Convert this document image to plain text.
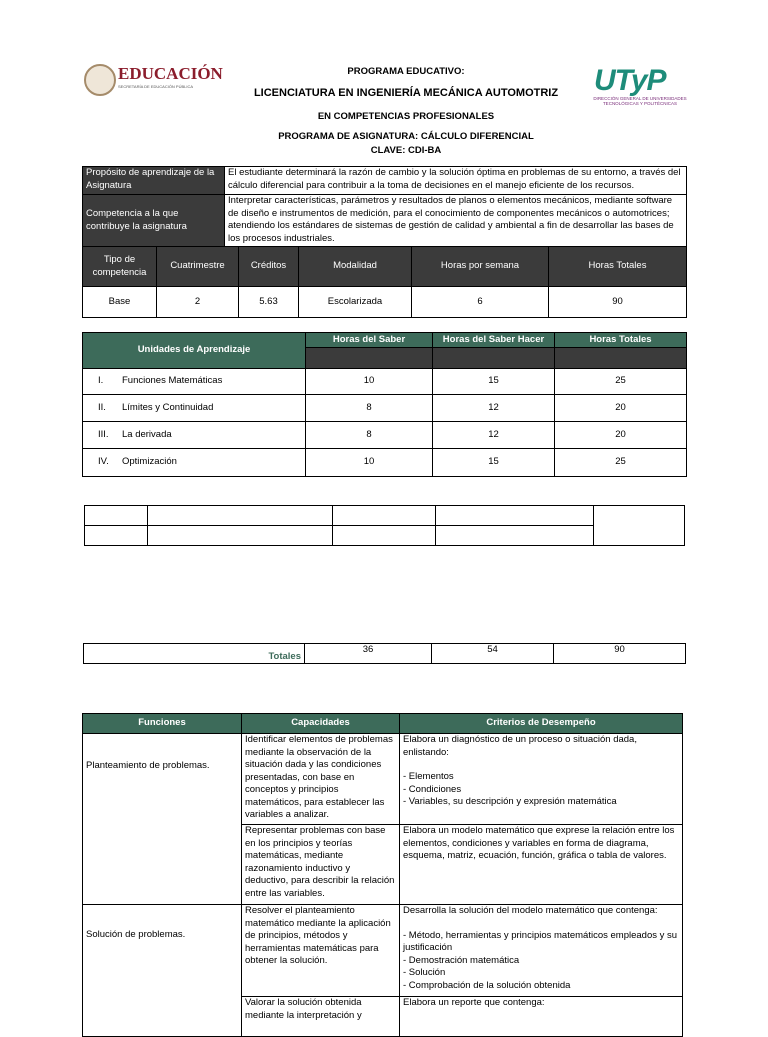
EDUCACIÓN
SECRETARÍA DE EDUCACIÓN PÚBLICA	UTyP
DIRECCIÓN GENERAL DE UNIVERSIDADES TECNOLÓGICAS Y POLITÉCNICAS
PROGRAMA EDUCATIVO:
LICENCIATURA EN INGENIERÍA MECÁNICA AUTOMOTRIZ
EN COMPETENCIAS PROFESIONALES
PROGRAMA DE ASIGNATURA: CÁLCULO DIFERENCIAL
CLAVE: CDI-BA
Propósito de aprendizaje de la Asignatura	El estudiante determinará la razón de cambio y la solución óptima en problemas de su entorno, a través del cálculo diferencial para contribuir a la toma de decisiones en el manejo eficiente de los recursos.
Competencia a la que contribuye la asignatura	Interpretar características, parámetros y resultados de planos o elementos mecánicos, mediante software de diseño e instrumentos de medición, para el conocimiento de componentes mecánicos o automotrices; atendiendo los estándares de sistemas de gestión de calidad y ambiental a fin de desarrollar las bases de los procesos industriales.
Tipo de competencia	Cuatrimestre	Créditos	Modalidad	Horas por semana	Horas Totales
Base	2	5.63	Escolarizada	6	90
Unidades de Aprendizaje	Horas del Saber	Horas del Saber Hacer	Horas Totales

I. Funciones Matemáticas	10	15	25
II. Límites y Continuidad	8	12	20
III. La derivada	8	12	20
IV. Optimización	10	15	25

Totales	36	54	90
Funciones	Capacidades	Criterios de Desempeño
Planteamiento de problemas.	Identificar elementos de problemas mediante la observación de la situación dada y las condiciones presentadas, con base en conceptos y principios matemáticos, para establecer las variables a analizar.	Elabora un diagnóstico de un proceso o situación dada, enlistando:
- Elementos
- Condiciones
- Variables, su descripción y expresión matemática

	Representar problemas con base en los principios y teorías matemáticas, mediante razonamiento inductivo y deductivo, para describir la relación entre las variables.	Elabora un modelo matemático que exprese la relación entre los elementos, condiciones y variables en forma de diagrama, esquema, matriz, ecuación, función, gráfica o tabla de valores.
Solución de problemas.	Resolver el planteamiento matemático mediante la aplicación de principios, métodos y herramientas matemáticas para obtener la solución.	Desarrolla la solución del modelo matemático que contenga:
- Método, herramientas y principios matemáticos empleados y su justificación
- Demostración matemática
- Solución
- Comprobación de la solución obtenida

	Valorar la solución obtenida mediante la interpretación y	Elabora un reporte que contenga:
